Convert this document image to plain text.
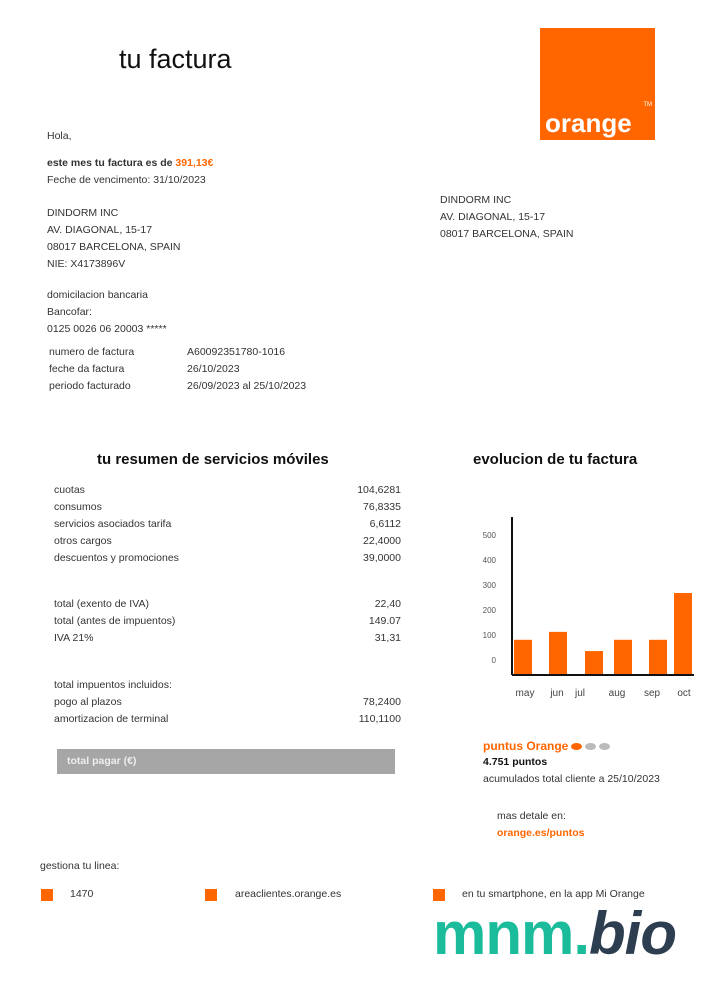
tu factura
orange
TM
Hola,
este mes tu factura es de 391,13€
Feche de vencimento: 31/10/2023
DINDORM INC
AV. DIAGONAL, 15-17
08017 BARCELONA, SPAIN
NIE: X4173896V
DINDORM INC
AV. DIAGONAL, 15-17
08017 BARCELONA, SPAIN
domicilacion bancaria
Bancofar:
0125 0026 06 20003 *****
numero de factura	A60092351780-1016
feche da factura	26/10/2023
periodo facturado	26/09/2023 al 25/10/2023
tu resumen de servicios móviles
cuotas	104,6281
consumos	76,8335
servicios asociados tarifa	6,6112
otros cargos	22,4000
descuentos y promociones	39,0000
total (exento de IVA)	22,40
total (antes de impuentos)	149.07
IVA 21%	31,31
total impuentos incluidos:
pogo al plazos	78,2400
amortizacion de terminal	110,1100
total pagar (€)
evolucion de tu factura
500
400
300
200
100
0
may jun jul aug sep oct
puntus Orange
4.751 puntos
acumulados total cliente a 25/10/2023
mas detale en:
orange.es/puntos
gestiona tu linea:
1470	areaclientes.orange.es	en tu smartphone, en la app Mi Orange
mnm.bio
